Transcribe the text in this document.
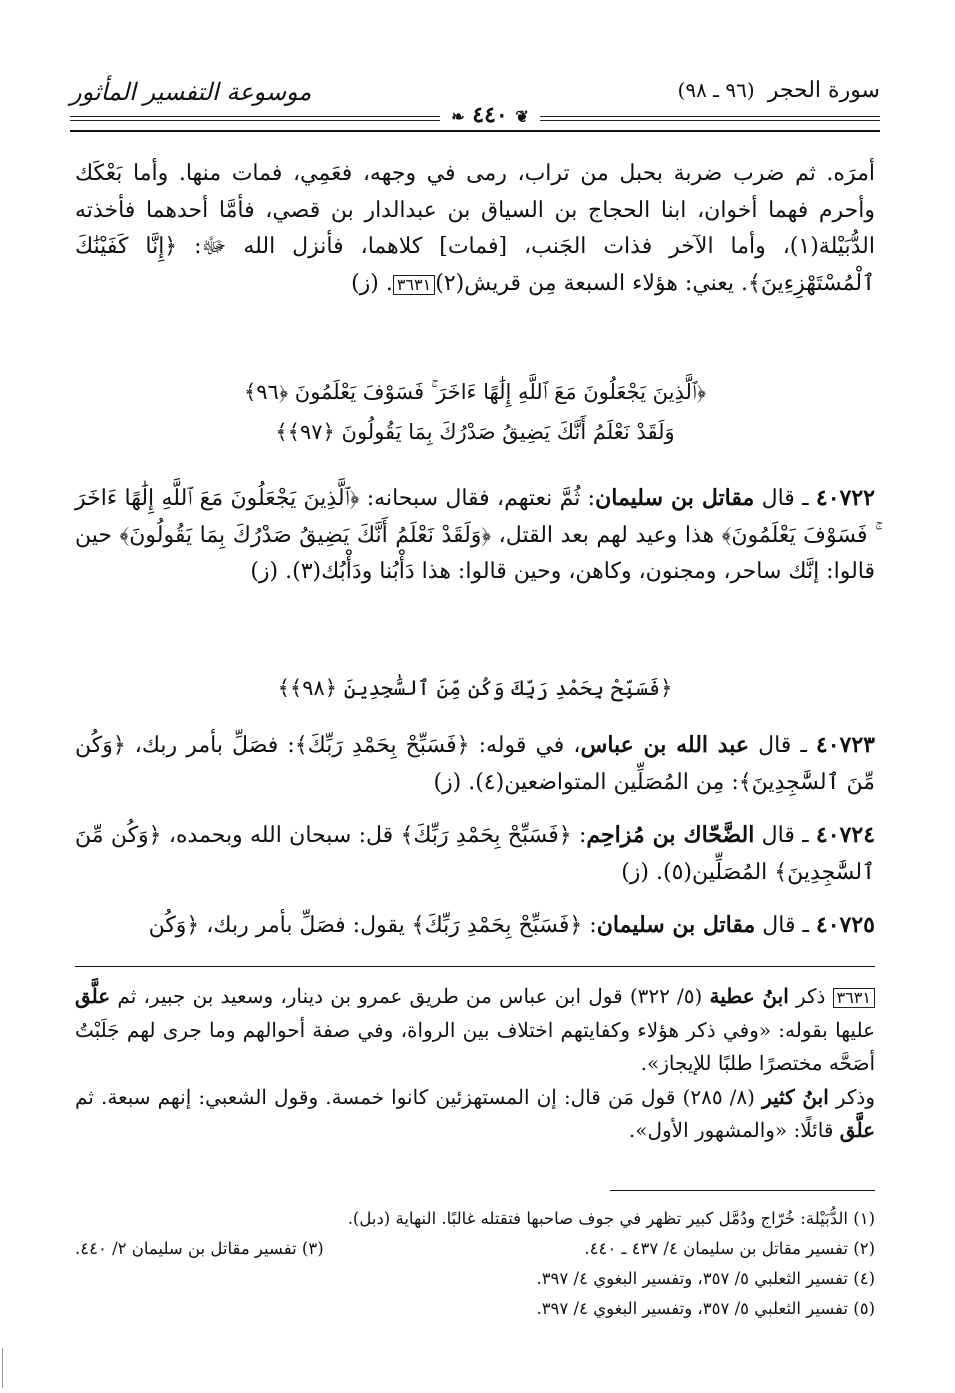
سورة الحجر (٩٦ ـ ٩٨)
موسوعة التفسير المأثور
❦ ٤٤٠ ❧
أمرَه. ثم ضرب ضربة بحبل من تراب، رمى في وجهه، فعَمِي، فمات منها. وأما بَعْكَك وأحرم فهما أخوان، ابنا الحجاج بن السياق بن عبدالدار بن قصي، فأمَّا أحدهما فأخذته الدُّبَيْلة(١)، وأما الآخر فذات الجَنب، [فمات] كلاهما، فأنزل الله ﷻ: ﴿إِنَّا كَفَيْنَٰكَ ٱلْمُسْتَهْزِءِينَ﴾. يعني: هؤلاء السبعة مِن قريش(٢)٣٦٣١. (ز)
﴿ٱلَّذِينَ يَجْعَلُونَ مَعَ ٱللَّهِ إِلَٰهًا ءَاخَرَ ۚ فَسَوْفَ يَعْلَمُونَ ﴿٩٦﴾
وَلَقَدْ نَعْلَمُ أَنَّكَ يَضِيقُ صَدْرُكَ بِمَا يَقُولُونَ ﴿٩٧﴾﴾
٤٠٧٢٢ ـ قال مقاتل بن سليمان: ثُمَّ نعتهم، فقال سبحانه: ﴿ٱلَّذِينَ يَجْعَلُونَ مَعَ ٱللَّهِ إِلَٰهًا ءَاخَرَ ۚ فَسَوْفَ يَعْلَمُونَ﴾ هذا وعيد لهم بعد القتل، ﴿وَلَقَدْ نَعْلَمُ أَنَّكَ يَضِيقُ صَدْرُكَ بِمَا يَقُولُونَ﴾ حين قالوا: إنَّك ساحر، ومجنون، وكاهن، وحين قالوا: هذا دَأْبُنا ودَأْبُك(٣). (ز)
﴿فَسَبِّحْ بِحَمْدِ رَبِّكَ وَكُن مِّنَ ٱلسَّٰجِدِينَ ﴿٩٨﴾﴾
٤٠٧٢٣ ـ قال عبد الله بن عباس، في قوله: ﴿فَسَبِّحْ بِحَمْدِ رَبِّكَ﴾: فصَلِّ بأمر ربك، ﴿وَكُن مِّنَ ٱلسَّٰجِدِينَ﴾: مِن المُصَلِّين المتواضعين(٤). (ز)
٤٠٧٢٤ ـ قال الضَّحّاك بن مُزاحِم: ﴿فَسَبِّحْ بِحَمْدِ رَبِّكَ﴾ قل: سبحان الله وبحمده، ﴿وَكُن مِّنَ ٱلسَّٰجِدِينَ﴾ المُصَلِّين(٥). (ز)
٤٠٧٢٥ ـ قال مقاتل بن سليمان: ﴿فَسَبِّحْ بِحَمْدِ رَبِّكَ﴾ يقول: فصَلِّ بأمر ربك، ﴿وَكُن

٣٦٣١ ذكر ابنُ عطية (٥/ ٣٢٢) قول ابن عباس من طريق عمرو بن دينار، وسعيد بن جبير، ثم علَّق عليها بقوله: «وفي ذكر هؤلاء وكفايتهم اختلاف بين الرواة، وفي صفة أحوالهم وما جرى لهم جَلَبْتُ أصَحَّه مختصرًا طلبًا للإيجاز».

وذكر ابنُ كثير (٨/ ٢٨٥) قول مَن قال: إن المستهزئين كانوا خمسة. وقول الشعبي: إنهم سبعة. ثم علَّق قائلًا: «والمشهور الأول».

(١) الدُّبَيْلة: خُرّاج ودُمَّل كبير تظهر في جوف صاحبها فتقتله غالبًا. النهاية (دبل).
(٢) تفسير مقاتل بن سليمان ٤/ ٤٣٧ ـ ٤٤٠.
(٣) تفسير مقاتل بن سليمان ٢/ ٤٤٠.
(٤) تفسير الثعلبي ٥/ ٣٥٧، وتفسير البغوي ٤/ ٣٩٧.
(٥) تفسير الثعلبي ٥/ ٣٥٧، وتفسير البغوي ٤/ ٣٩٧.
